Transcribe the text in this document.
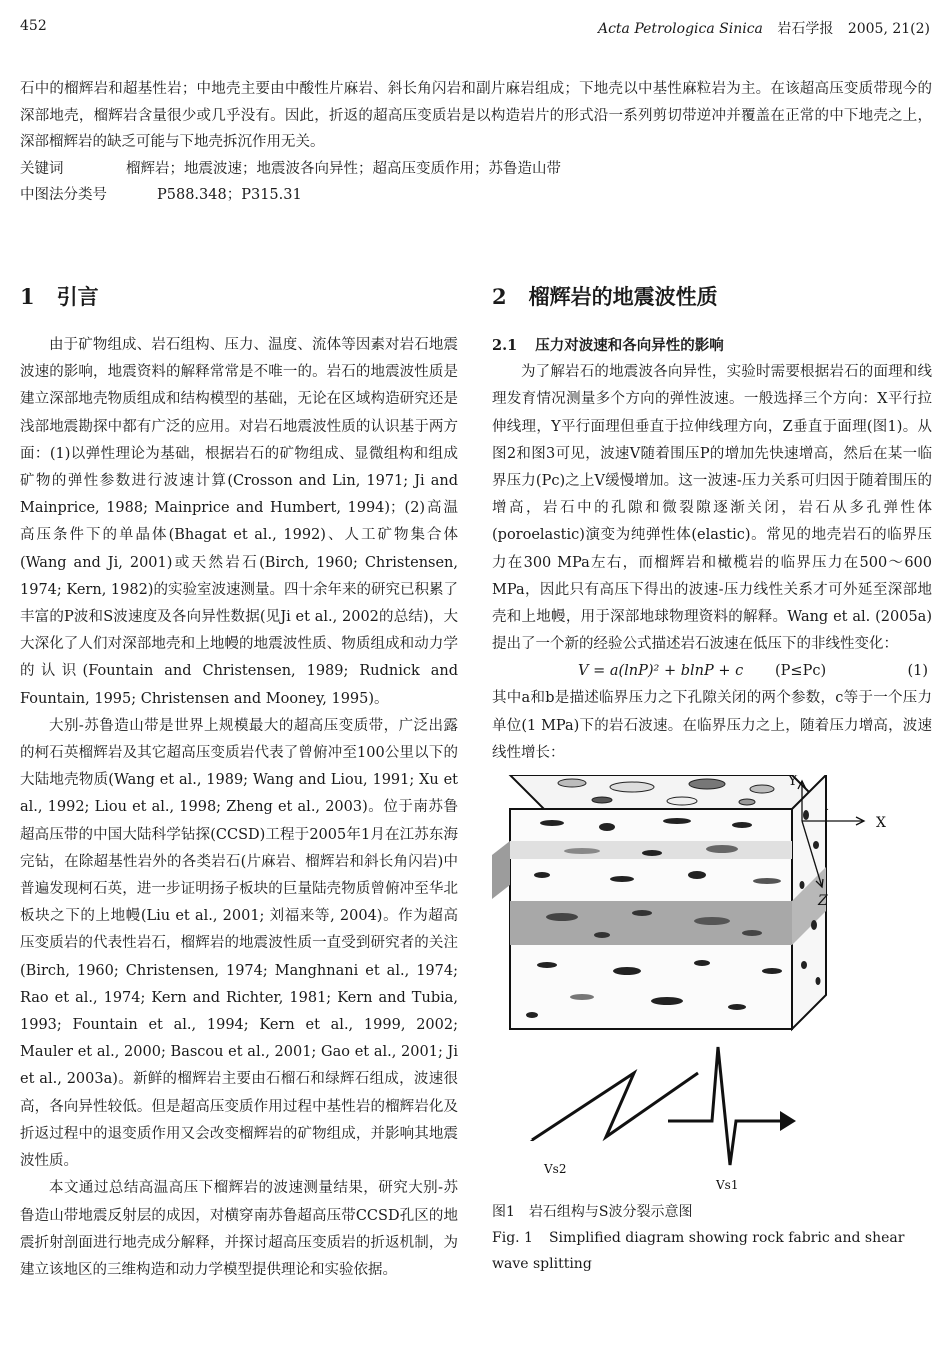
452	Acta Petrologica Sinica 岩石学报 2005, 21(2)

石中的榴辉岩和超基性岩；中地壳主要由中酸性片麻岩、斜长角闪岩和副片麻岩组成；下地壳以中基性麻粒岩为主。在该超高压变质带现今的深部地壳，榴辉岩含量很少或几乎没有。因此，折返的超高压变质岩是以构造岩片的形式沿一系列剪切带逆冲并覆盖在正常的中下地壳之上，深部榴辉岩的缺乏可能与下地壳拆沉作用无关。

关键词	榴辉岩；地震波速；地震波各向异性；超高压变质作用；苏鲁造山带
中图法分类号	P588.348；P315.31
1 引言

由于矿物组成、岩石组构、压力、温度、流体等因素对岩石地震波速的影响，地震资料的解释常常是不唯一的。岩石的地震波性质是建立深部地壳物质组成和结构模型的基础，无论在区域构造研究还是浅部地震勘探中都有广泛的应用。对岩石地震波性质的认识基于两方面：(1)以弹性理论为基础，根据岩石的矿物组成、显微组构和组成矿物的弹性参数进行波速计算(Crosson and Lin, 1971; Ji and Mainprice, 1988; Mainprice and Humbert, 1994)；(2)高温高压条件下的单晶体(Bhagat et al., 1992)、人工矿物集合体(Wang and Ji, 2001)或天然岩石(Birch, 1960; Christensen, 1974; Kern, 1982)的实验室波速测量。四十余年来的研究已积累了丰富的P波和S波速度及各向异性数据(见Ji et al., 2002的总结)，大大深化了人们对深部地壳和上地幔的地震波性质、物质组成和动力学的认识(Fountain and Christensen, 1989; Rudnick and Fountain, 1995; Christensen and Mooney, 1995)。

大别-苏鲁造山带是世界上规模最大的超高压变质带，广泛出露的柯石英榴辉岩及其它超高压变质岩代表了曾俯冲至100公里以下的大陆地壳物质(Wang et al., 1989; Wang and Liou, 1991; Xu et al., 1992; Liou et al., 1998; Zheng et al., 2003)。位于南苏鲁超高压带的中国大陆科学钻探(CCSD)工程于2005年1月在江苏东海完钻，在除超基性岩外的各类岩石(片麻岩、榴辉岩和斜长角闪岩)中普遍发现柯石英，进一步证明扬子板块的巨量陆壳物质曾俯冲至华北板块之下的上地幔(Liu et al., 2001; 刘福来等, 2004)。作为超高压变质岩的代表性岩石，榴辉岩的地震波性质一直受到研究者的关注(Birch, 1960; Christensen, 1974; Manghnani et al., 1974; Rao et al., 1974; Kern and Richter, 1981; Kern and Tubia, 1993; Fountain et al., 1994; Kern et al., 1999, 2002; Mauler et al., 2000; Bascou et al., 2001; Gao et al., 2001; Ji et al., 2003a)。新鲜的榴辉岩主要由石榴石和绿辉石组成，波速很高，各向异性较低。但是超高压变质作用过程中基性岩的榴辉岩化及折返过程中的退变质作用又会改变榴辉岩的矿物组成，并影响其地震波性质。

本文通过总结高温高压下榴辉岩的波速测量结果，研究大别-苏鲁造山带地震反射层的成因，对横穿南苏鲁超高压带CCSD孔区的地震折射剖面进行地壳成分解释，并探讨超高压变质岩的折返机制，为建立该地区的三维构造和动力学模型提供理论和实验依据。

2 榴辉岩的地震波性质
2.1 压力对波速和各向异性的影响

为了解岩石的地震波各向异性，实验时需要根据岩石的面理和线理发育情况测量多个方向的弹性波速。一般选择三个方向：X平行拉伸线理，Y平行面理但垂直于拉伸线理方向，Z垂直于面理(图1)。从图2和图3可见，波速V随着围压P的增加先快速增高，然后在某一临界压力(Pc)之上V缓慢增加。这一波速-压力关系可归因于随着围压的增高，岩石中的孔隙和微裂隙逐渐关闭，岩石从多孔弹性体(poroelastic)演变为纯弹性体(elastic)。常见的地壳岩石的临界压力在300 MPa左右，而榴辉岩和橄榄岩的临界压力在500～600 MPa，因此只有高压下得出的波速-压力线性关系才可外延至深部地壳和上地幔，用于深部地球物理资料的解释。Wang et al. (2005a)提出了一个新的经验公式描述岩石波速在低压下的非线性变化：

V = a(lnP)² + blnP + c (P≤Pc)	(1)

其中a和b是描述临界压力之下孔隙关闭的两个参数，c等于一个压力单位(1 MPa)下的岩石波速。在临界压力之上，随着压力增高，波速线性增长：

X
Y
Z
Vs2
Vs1
图1 岩石组构与S波分裂示意图
Fig. 1 Simplified diagram showing rock fabric and shear wave splitting
